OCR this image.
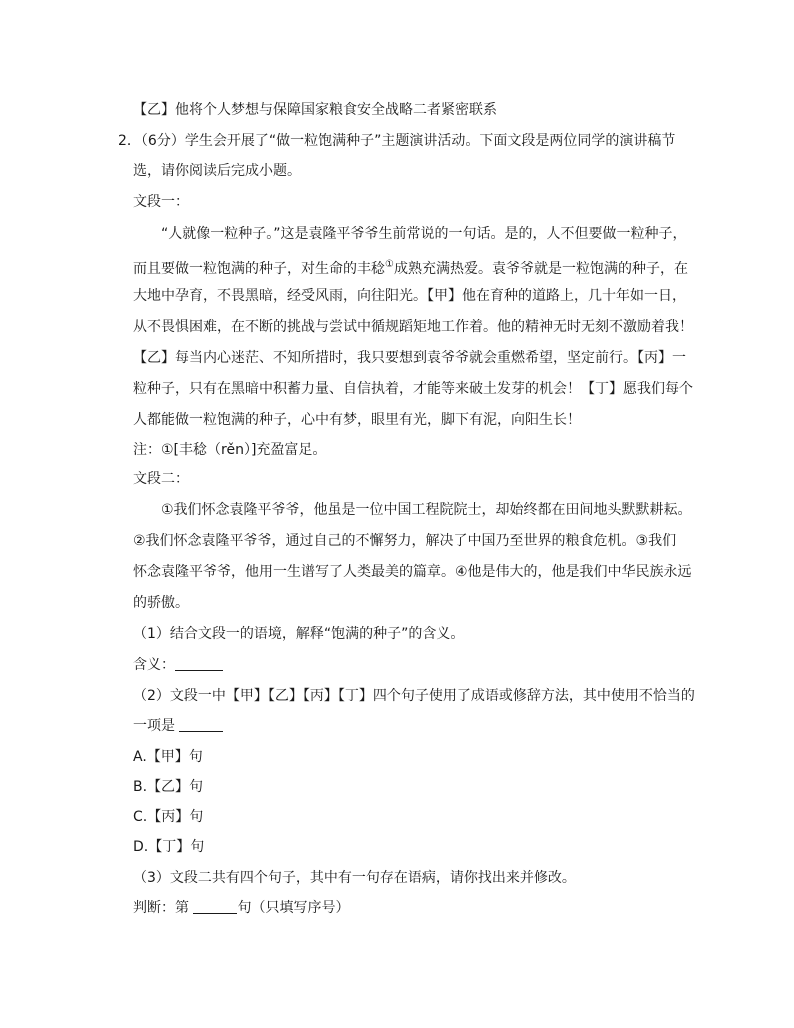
【乙】他将个人梦想与保障国家粮食安全战略二者紧密联系
2．（6分）学生会开展了“做一粒饱满种子”主题演讲活动。下面文段是两位同学的演讲稿节
选，请你阅读后完成小题。
文段一：
“人就像一粒种子。”这是袁隆平爷爷生前常说的一句话。是的，人不但要做一粒种子，
而且要做一粒饱满的种子，对生命的丰稔①成熟充满热爱。袁爷爷就是一粒饱满的种子，在
大地中孕育，不畏黑暗，经受风雨，向往阳光。【甲】他在育种的道路上，几十年如一日，
从不畏惧困难，在不断的挑战与尝试中循规蹈矩地工作着。他的精神无时无刻不激励着我！
【乙】每当内心迷茫、不知所措时，我只要想到袁爷爷就会重燃希望，坚定前行。【丙】一
粒种子，只有在黑暗中积蓄力量、自信执着，才能等来破土发芽的机会！【丁】愿我们每个
人都能做一粒饱满的种子，心中有梦，眼里有光，脚下有泥，向阳生长！
注：①[丰稔（rěn）]充盈富足。
文段二：
①我们怀念袁隆平爷爷，他虽是一位中国工程院院士，却始终都在田间地头默默耕耘。
②我们怀念袁隆平爷爷，通过自己的不懈努力，解决了中国乃至世界的粮食危机。③我们
怀念袁隆平爷爷，他用一生谱写了人类最美的篇章。④他是伟大的，他是我们中华民族永远
的骄傲。
（1）结合文段一的语境，解释“饱满的种子”的含义。
含义：
（2）文段一中【甲】【乙】【丙】【丁】四个句子使用了成语或修辞方法，其中使用不恰当的
一项是
A.【甲】句
B.【乙】句
C.【丙】句
D.【丁】句
（3）文段二共有四个句子，其中有一句存在语病，请你找出来并修改。
判断：第	句（只填写序号）
